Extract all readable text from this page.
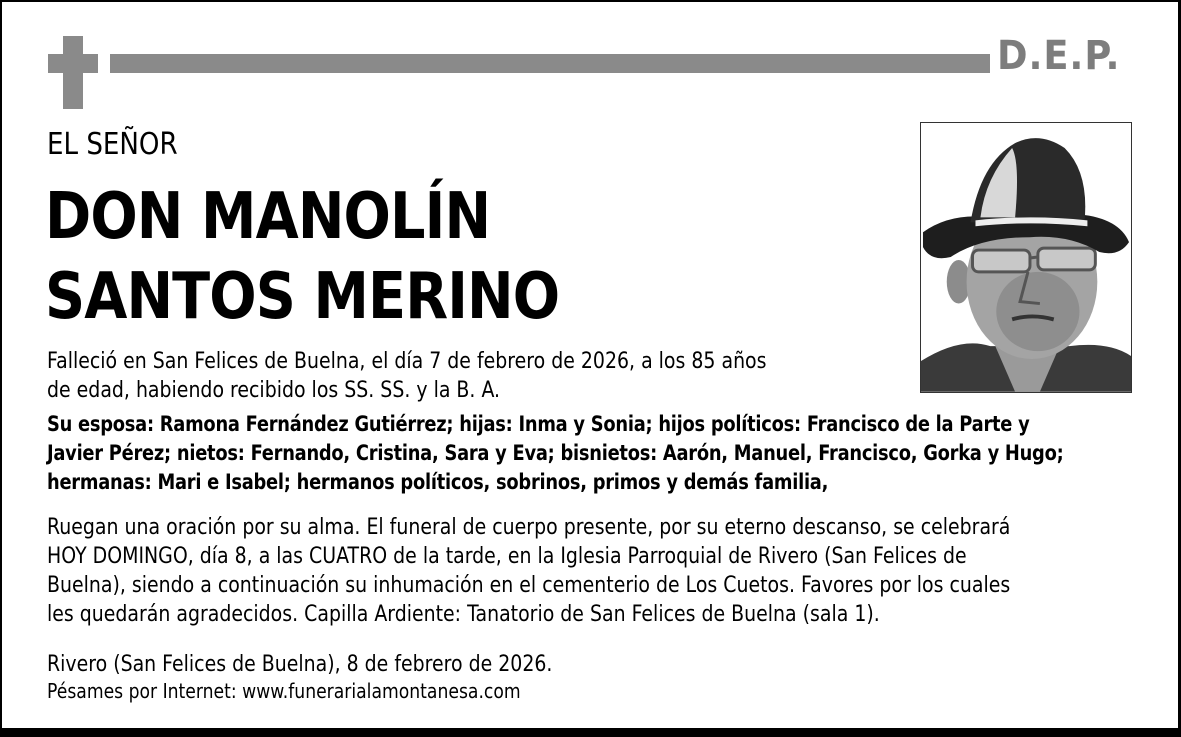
D.E.P.
EL SEÑOR
DON MANOLÍN
SANTOS MERINO
Falleció en San Felices de Buelna, el día 7 de febrero de 2026, a los 85 años
de edad, habiendo recibido los SS. SS. y la B. A.
Su esposa: Ramona Fernández Gutiérrez; hijas: Inma y Sonia; hijos políticos: Francisco de la Parte y
Javier Pérez; nietos: Fernando, Cristina, Sara y Eva; bisnietos: Aarón, Manuel, Francisco, Gorka y Hugo;
hermanas: Mari e Isabel; hermanos políticos, sobrinos, primos y demás familia,
Ruegan una oración por su alma. El funeral de cuerpo presente, por su eterno descanso, se celebrará
HOY DOMINGO, día 8, a las CUATRO de la tarde, en la Iglesia Parroquial de Rivero (San Felices de
Buelna), siendo a continuación su inhumación en el cementerio de Los Cuetos. Favores por los cuales
les quedarán agradecidos. Capilla Ardiente: Tanatorio de San Felices de Buelna (sala 1).
Rivero (San Felices de Buelna), 8 de febrero de 2026.
Pésames por Internet: www.funerarialamontanesa.com
